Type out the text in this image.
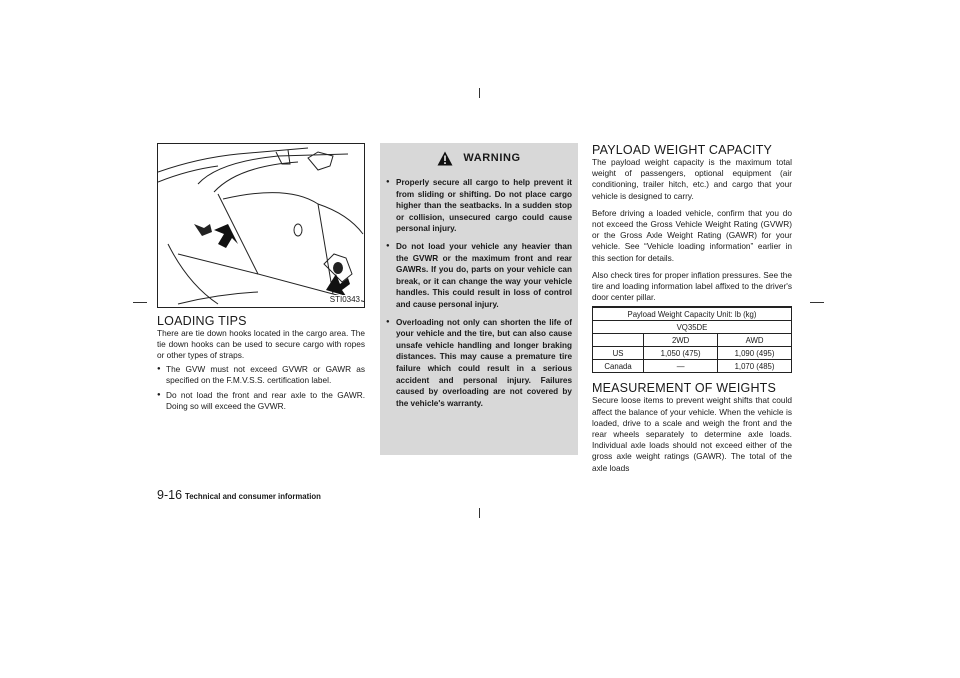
STI0343
LOADING TIPS

There are tie down hooks located in the cargo area. The tie down hooks can be used to secure cargo with ropes or other types of straps.

● The GVW must not exceed GVWR or GAWR as specified on the F.M.V.S.S. certification label.
● Do not load the front and rear axle to the GAWR. Doing so will exceed the GVWR.
WARNING
● Properly secure all cargo to help prevent it from sliding or shifting. Do not place cargo higher than the seatbacks. In a sudden stop or collision, unsecured cargo could cause personal injury.
● Do not load your vehicle any heavier than the GVWR or the maximum front and rear GAWRs. If you do, parts on your vehicle can break, or it can change the way your vehicle handles. This could result in loss of control and cause personal injury.
● Overloading not only can shorten the life of your vehicle and the tire, but can also cause unsafe vehicle handling and longer braking distances. This may cause a premature tire failure which could result in a serious accident and personal injury. Failures caused by overloading are not covered by the vehicle's warranty.
PAYLOAD WEIGHT CAPACITY

The payload weight capacity is the maximum total weight of passengers, optional equipment (air conditioning, trailer hitch, etc.) and cargo that your vehicle is designed to carry.

Before driving a loaded vehicle, confirm that you do not exceed the Gross Vehicle Weight Rating (GVWR) or the Gross Axle Weight Rating (GAWR) for your vehicle. See “Vehicle loading information” earlier in this section for details.

Also check tires for proper inflation pressures. See the tire and loading information label affixed to the driver's door center pillar.

Payload Weight Capacity Unit: lb (kg)		
VQ35DE		
	2WD	AWD
US	1,050 (475)	1,090 (495)
Canada	—	1,070 (485)
MEASUREMENT OF WEIGHTS

Secure loose items to prevent weight shifts that could affect the balance of your vehicle. When the vehicle is loaded, drive to a scale and weigh the front and the rear wheels separately to determine axle loads. Individual axle loads should not exceed either of the gross axle weight ratings (GAWR). The total of the axle loads

9-16 Technical and consumer information
